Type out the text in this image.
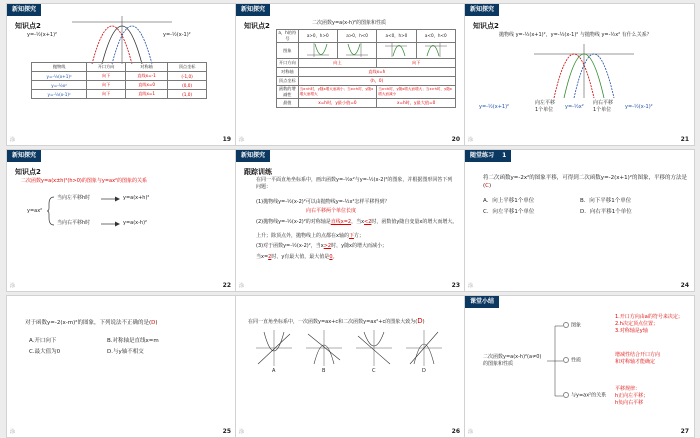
新知探究
知识点2
y=-½(x+1)²	y=-½(x-1)²
抛物线	开口方向	对称轴	顶点坐标
y=-½(x+1)²	向下	直线x=-1	(-1,0)
y=-½x²	向下	直线x=0	(0,0)
y=-½(x-1)²	向下	直线x=1	(1,0)
涂	19
新知探究
知识点2	二次函数y=a(x-h)²的图象和性质
a，h的符号	a>0，h>0	a>0，h<0	a<0，h>0	a<0，h<0
图象				
开口方向	向上		向下	
对称轴	直线x=h			
顶点坐标	(h，0)			
函数的增减性	当x<h时，y随x增大而减小；当x>h时，y随x增大而增大		当x<h时，y随x增大而增大；当x>h时，y随x增大而减小	
最值	x=h时，y最小值=0		x=h时，y最大值=0	
涂	20
新知探究
知识点2
抛物线 y=-½(x+1)²，y=-½(x-1)² 与抛物线 y=-½x² 有什么关系？
y=-½(x+1)²
向左平移
1个单位 y=-½x²
向右平移
1个单位	y=-½(x-1)²
涂	21
新知探究
知识点2
二次函数y=a(x±h)²(h>0)的图象与y=ax²的图象的关系
y=ax²
当向左平移h时	y=a(x+h)²
当向右平移h时	y=a(x-h)²
涂	22
新知探究
跟踪训练
在同一平面直角坐标系中，画出函数y=-½x²与y=-½(x-2)²的图象，并根据图形回答下列问题：
(1)抛物线y=-½(x-2)²可以由抛物线y=-½x²怎样平移得到？
向右平移两个单位长度
(2)抛物线y=-½(x-2)²的对称轴是直线x=2，当x<2时，函数值y随自变量x的增大而增大。
上升；除顶点外，抛物线上的点都在x轴的下方；
(3)对于函数y=-½(x-2)²，当x>2时，y随x的增大而减小；
当x=2时，y有最大值，最大值是0。
涂	23
随堂练习 1
将二次函数y=-2x²的图象平移，可得到二次函数y=-2(x+1)²的图象，平移的方法是(C)
A．向上平移1个单位	B．向下平移1个单位
C．向左平移1个单位	D．向右平移1个单位
涂	24
对于函数y=-2(x-m)²的图象，下列说法不正确的是(D)
A.开口向下	B.对称轴是直线x=m
C.最大值为0	D.与y轴不相交
涂	25
在同一直角坐标系中，一次函数y=ax+c和二次函数y=ax²+c的图象大致为(D)
A	B	C	D
涂	26
课堂小结
二次函数y=a(x-h)²(a≠0)
的图象和性质
图象
性质
与y=ax²的关系
1.开口方向由a的符号来决定；
2.h决定顶点位置；
3.对称轴是y轴
增减性结合开口方向
和对称轴才能确定
平移规律：
h正向左平移；
h负向右平移
涂	27
